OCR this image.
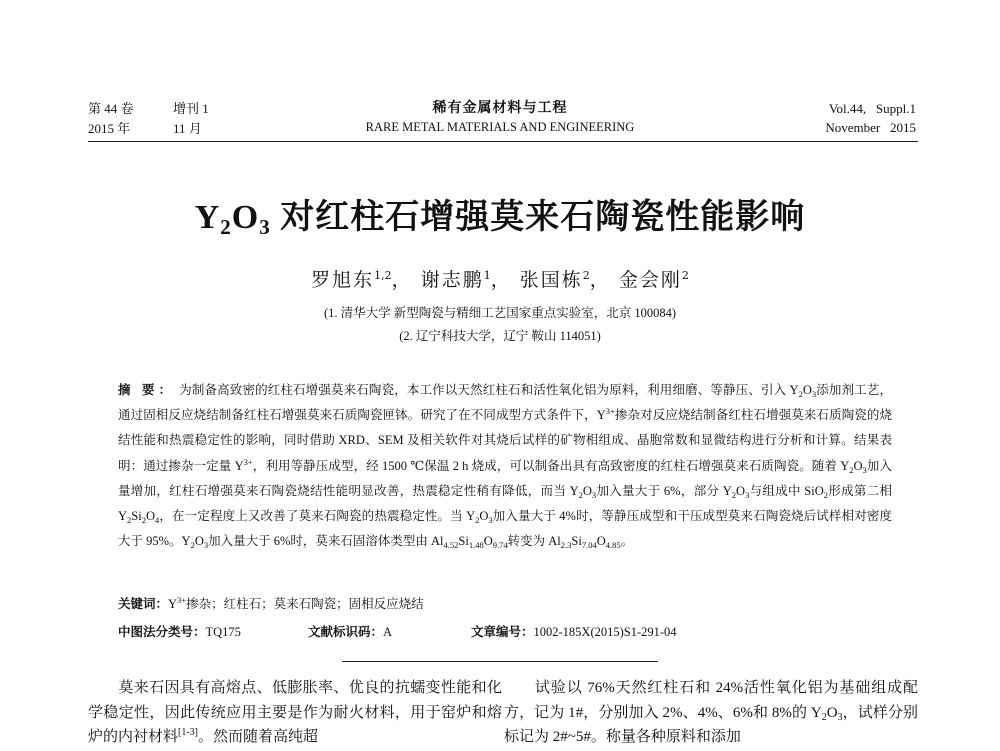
第 44 卷	增刊 1
2015 年	11 月
稀有金属材料与工程
RARE METAL MATERIALS AND ENGINEERING
Vol.44,   Suppl.1
November   2015
$Y_2O_3$ 对红柱石增强莫来石陶瓷性能影响
罗旭东$^{1,2}$， 谢志鹏$^1$， 张国栋$^2$， 金会刚$^2$
(1. 清华大学 新型陶瓷与精细工艺国家重点实验室，北京 100084)
(2. 辽宁科技大学，辽宁 鞍山 114051)
摘 要： 为制备高致密的红柱石增强莫来石陶瓷，本工作以天然红柱石和活性氧化铝为原料，利用细磨、等静压、引入 $Y_2O_3$添加剂工艺，通过固相反应烧结制备红柱石增强莫来石质陶瓷匣钵。研究了在不同成型方式条件下，$Y^{3+}$掺杂对反应烧结制备红柱石增强莫来石质陶瓷的烧结性能和热震稳定性的影响，同时借助 XRD、SEM 及相关软件对其烧后试样的矿物相组成、晶胞常数和显微结构进行分析和计算。结果表明：通过掺杂一定量 $Y^{3+}$，利用等静压成型，经 1500 ℃保温 2 h 烧成，可以制备出具有高致密度的红柱石增强莫来石质陶瓷。随着 $Y_2O_3$加入量增加，红柱石增强莫来石陶瓷烧结性能明显改善，热震稳定性稍有降低，而当 $Y_2O_3$加入量大于 6%，部分 $Y_2O_3$与组成中 SiO$_2$形成第二相 $Y_2Si_2O_4$，在一定程度上又改善了莫来石陶瓷的热震稳定性。当 $Y_2O_3$加入量大于 4%时，等静压成型和干压成型莫来石陶瓷烧后试样相对密度大于 95%。$Y_2O_3$加入量大于 6%时，莫来石固溶体类型由 $Al_{4.52}Si_{1.48}O_{9.74}$转变为 $Al_{2.3}Si_{7.04}O_{4.85}$。
关键词：$Y^{3+}$掺杂；红柱石；莫来石陶瓷；固相反应烧结
中图法分类号：TQ175	文献标识码：A	文章编号：1002-185X(2015)S1-291-04
莫来石因具有高熔点、低膨胀率、优良的抗蠕变性能和化学稳定性，因此传统应用主要是作为耐火材料，用于窑炉和熔炉的内衬材料[1-3]。然而随着高纯超
试验以 76%天然红柱石和 24%活性氧化铝为基础组成配方，记为 1#，分别加入 2%、4%、6%和 8%的 $Y_2O_3$，试样分别标记为 2#~5#。称量各种原料和添加
